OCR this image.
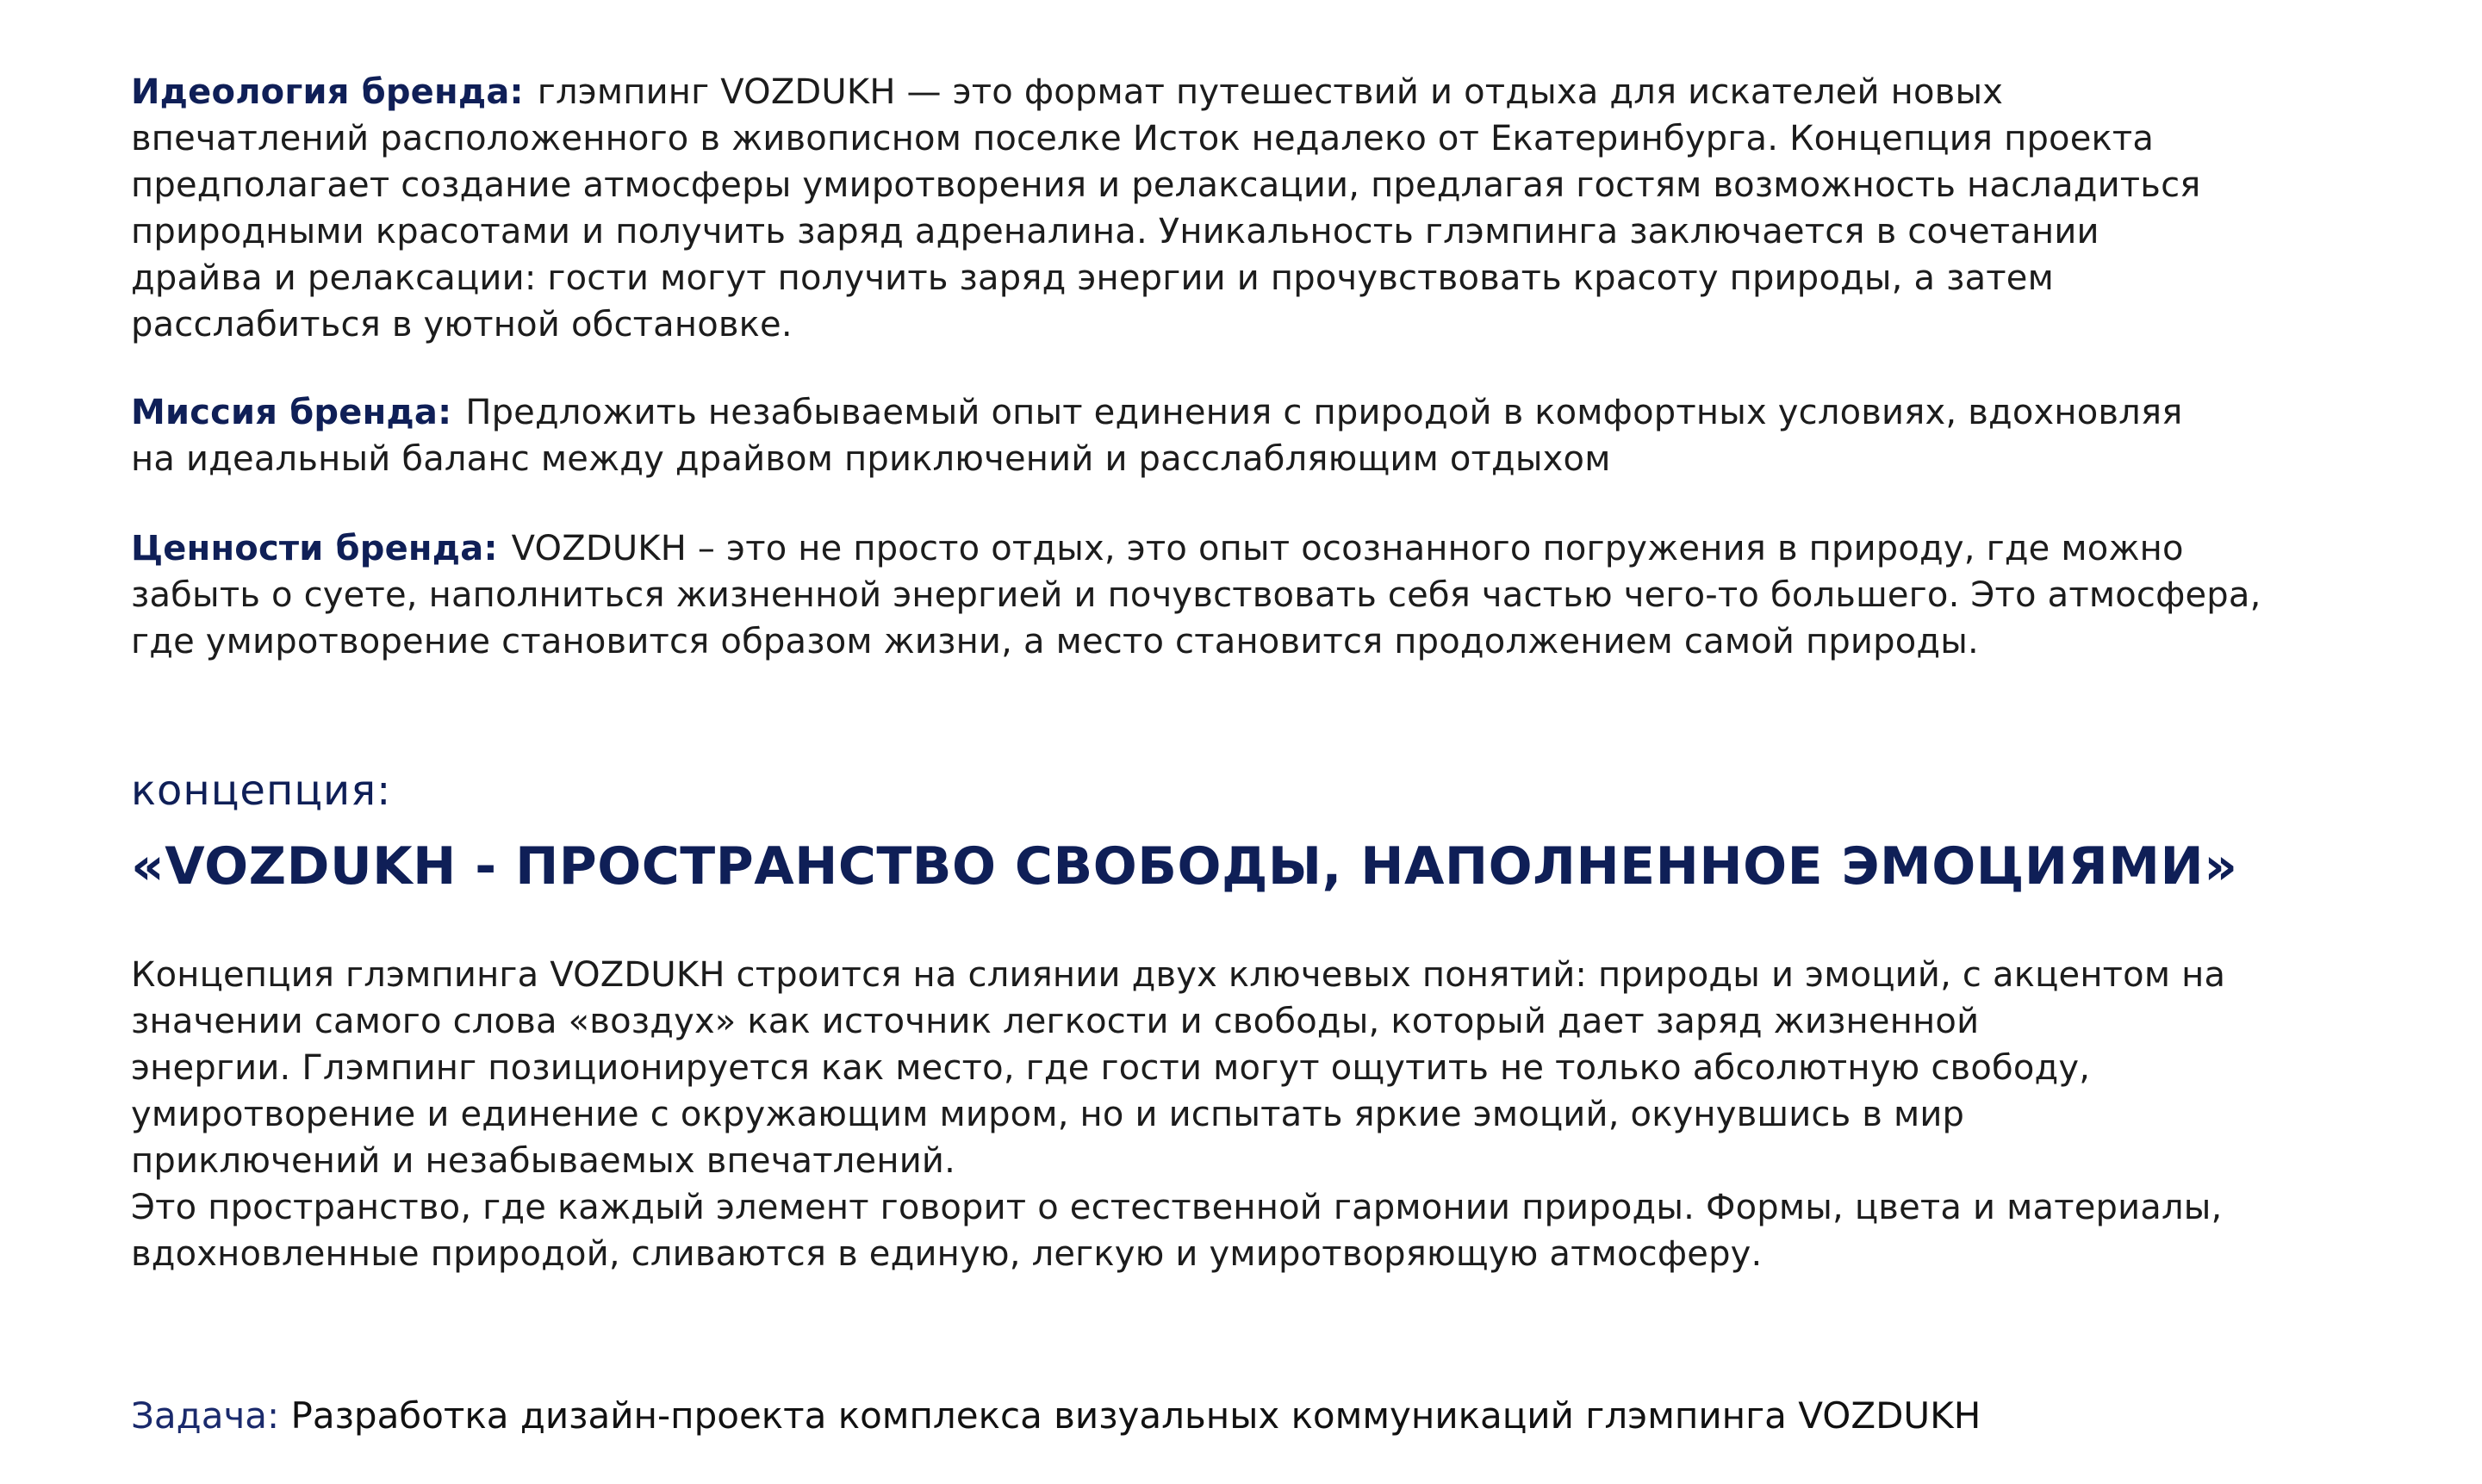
Идеология бренда: глэмпинг VOZDUKH — это формат путешествий и отдыха для искателей новых
впечатлений расположенного в живописном поселке Исток недалеко от Екатеринбурга. Концепция проекта
предполагает создание атмосферы умиротворения и релаксации, предлагая гостям возможность насладиться
природными красотами и получить заряд адреналина. Уникальность глэмпинга заключается в сочетании
драйва и релаксации: гости могут получить заряд энергии и прочувствовать красоту природы, а затем
расслабиться в уютной обстановке.
Миссия бренда: Предложить незабываемый опыт единения с природой в комфортных условиях, вдохновляя
на идеальный баланс между драйвом приключений и расслабляющим отдыхом
Ценности бренда: VOZDUKH – это не просто отдых, это опыт осознанного погружения в природу, где можно
забыть о суете, наполниться жизненной энергией и почувствовать себя частью чего-то большего. Это атмосфера,
где умиротворение становится образом жизни, а место становится продолжением самой природы.
концепция:
«VOZDUKH - ПРОСТРАНСТВО СВОБОДЫ, НАПОЛНЕННОЕ ЭМОЦИЯМИ»
Концепция глэмпинга VOZDUKH строится на слиянии двух ключевых понятий: природы и эмоций, с акцентом на
значении самого слова «воздух» как источник легкости и свободы, который дает заряд жизненной
энергии. Глэмпинг позиционируется как место, где гости могут ощутить не только абсолютную свободу,
умиротворение и единение с окружающим миром, но и испытать яркие эмоций, окунувшись в мир
приключений и незабываемых впечатлений.
Это пространство, где каждый элемент говорит о естественной гармонии природы. Формы, цвета и материалы,
вдохновленные природой, сливаются в единую, легкую и умиротворяющую атмосферу.
Задача: Разработка дизайн-проекта комплекса визуальных коммуникаций глэмпинга VOZDUKH
